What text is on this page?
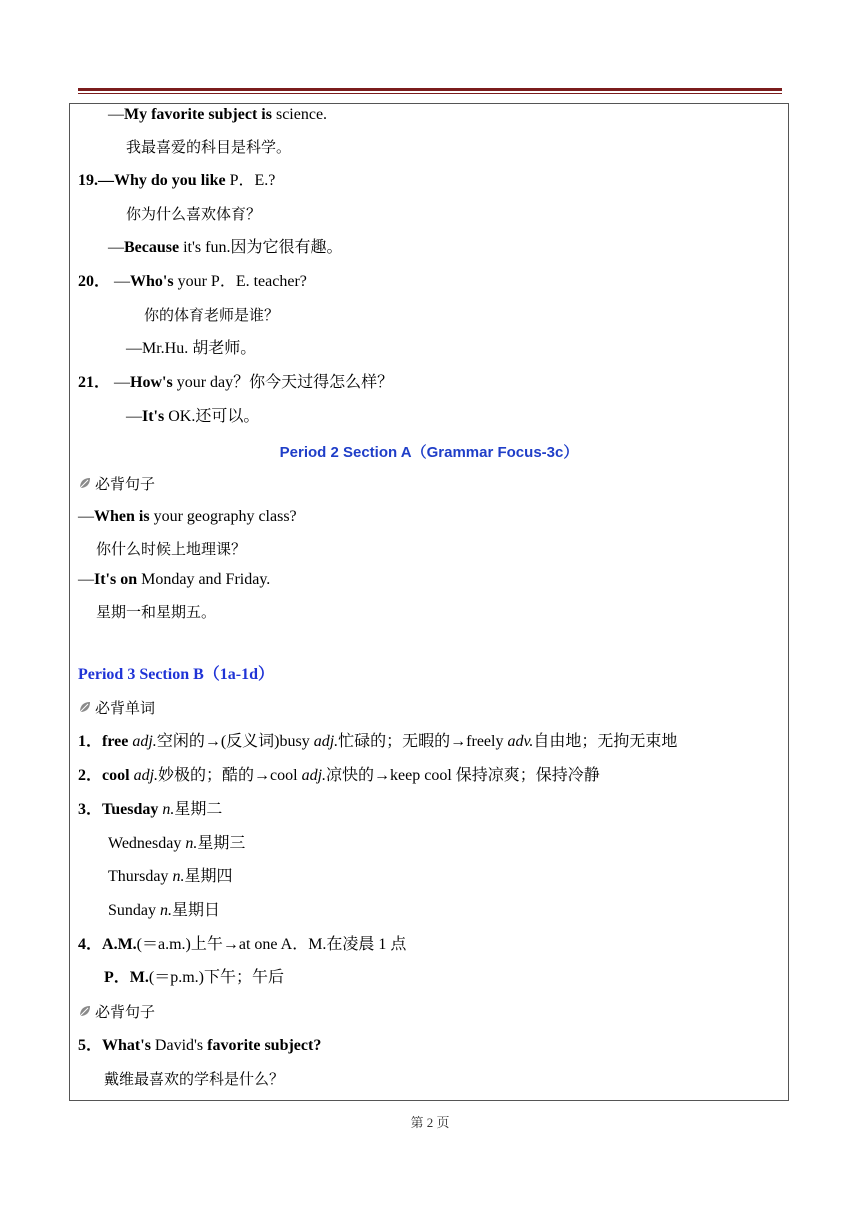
—My favorite subject is science.
我最喜爱的科目是科学。
19.—Why do you like P．E.?
你为什么喜欢体育？
—Because it's fun.因为它很有趣。
20． —Who's your P．E. teacher?
你的体育老师是谁？
—Mr.Hu. 胡老师。
21． —How's your day？你今天过得怎么样？
—It's OK.还可以。
Period 2 Section A（Grammar Focus-3c）
必背句子
—When is your geography class?
你什么时候上地理课？
—It's on Monday and Friday.
星期一和星期五。
Period 3 Section B（1a-1d）
必背单词
1．free adj.空闲的→(反义词)busy adj.忙碌的；无暇的→freely adv.自由地；无拘无束地
2．cool adj.妙极的；酷的→cool adj.凉快的→keep cool 保持凉爽；保持冷静
3．Tuesday n.星期二
Wednesday n.星期三
Thursday n.星期四
Sunday n.星期日
4．A.M.(＝a.m.)上午→at one A．M.在凌晨 1 点
P．M.(＝p.m.)下午；午后
必背句子
5．What's David's favorite subject?
戴维最喜欢的学科是什么？
第 2 页
